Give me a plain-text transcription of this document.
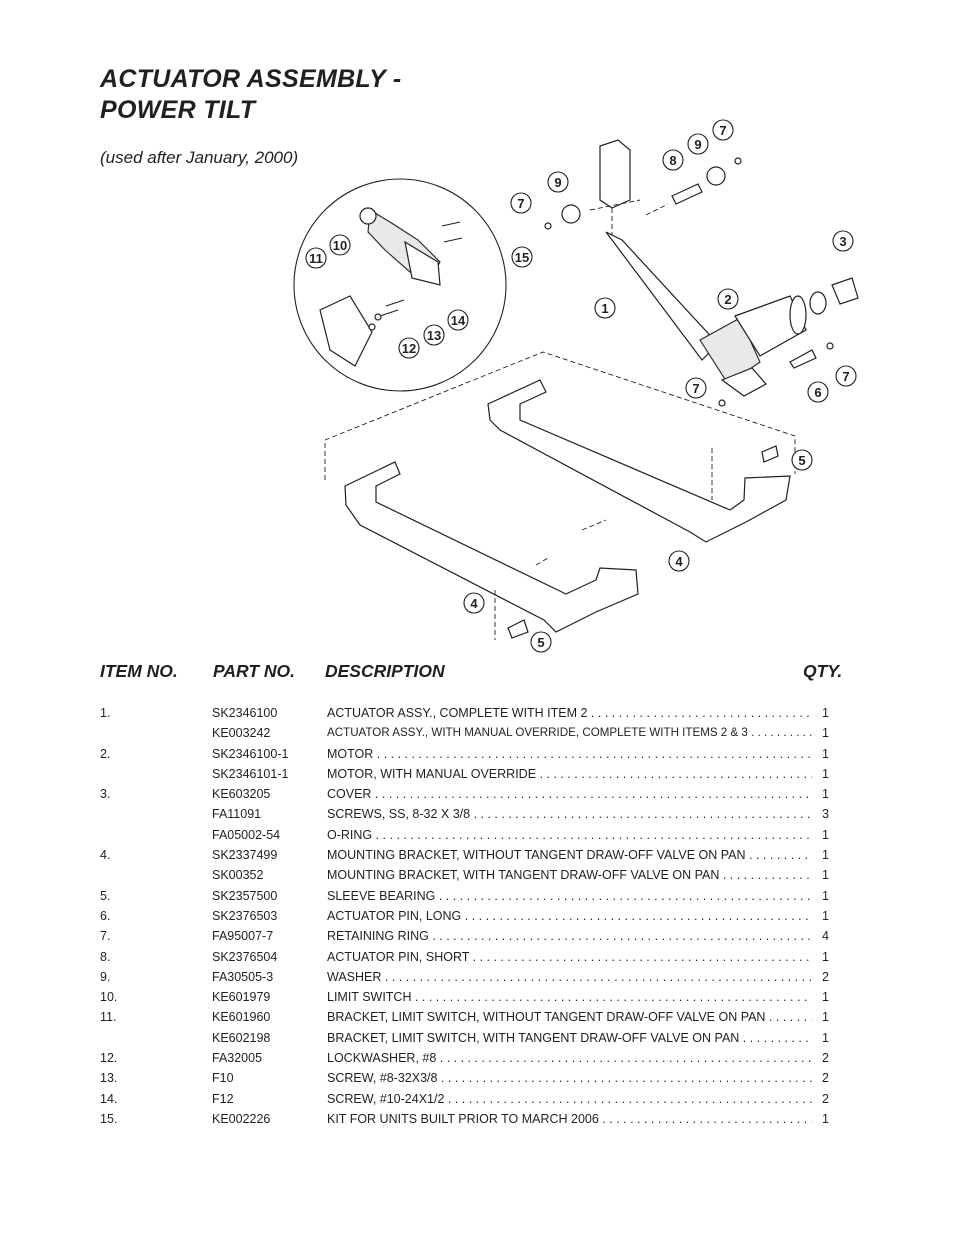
ACTUATOR ASSEMBLY -
POWER TILT
(used after January, 2000)
7
9
8
9
7
3
15
10
11
2
1
14
13
12
7
7	6
5
4
4
5
ITEM NO. PART NO. DESCRIPTION	QTY.
1.	SK2346100	ACTUATOR ASSY., COMPLETE WITH ITEM 2 . . .	1
KE003242	ACTUATOR ASSY., WITH MANUAL OVERRIDE, COMPLETE WITH ITEMS 2 & 3 . . .	1
2.	SK2346100-1	MOTOR . . .	1
SK2346101-1	MOTOR, WITH MANUAL OVERRIDE . . .	1
3.	KE603205	COVER . . .	1
FA11091	SCREWS, SS, 8-32 X 3/8 . . .	3
FA05002-54	O-RING . . .	1
4.	SK2337499	MOUNTING BRACKET, WITHOUT TANGENT DRAW-OFF VALVE ON PAN . . .	1
SK00352	MOUNTING BRACKET, WITH TANGENT DRAW-OFF VALVE ON PAN . . .	1
5.	SK2357500	SLEEVE BEARING . . .	1
6.	SK2376503	ACTUATOR PIN, LONG . . .	1
7.	FA95007-7	RETAINING RING . . .	4
8.	SK2376504	ACTUATOR PIN, SHORT . . .	1
9.	FA30505-3	WASHER . . .	2
10.	KE601979	LIMIT SWITCH . . .	1
11.	KE601960	BRACKET, LIMIT SWITCH, WITHOUT TANGENT DRAW-OFF VALVE ON PAN . . .	1
KE602198	BRACKET, LIMIT SWITCH, WITH TANGENT DRAW-OFF VALVE ON PAN . . .	1
12.	FA32005	LOCKWASHER, #8 . . .	2
13.	F10	SCREW, #8-32X3/8 . . .	2
14.	F12	SCREW, #10-24X1/2 . . .	2
15.	KE002226	KIT FOR UNITS BUILT PRIOR TO MARCH 2006 . . .	1
